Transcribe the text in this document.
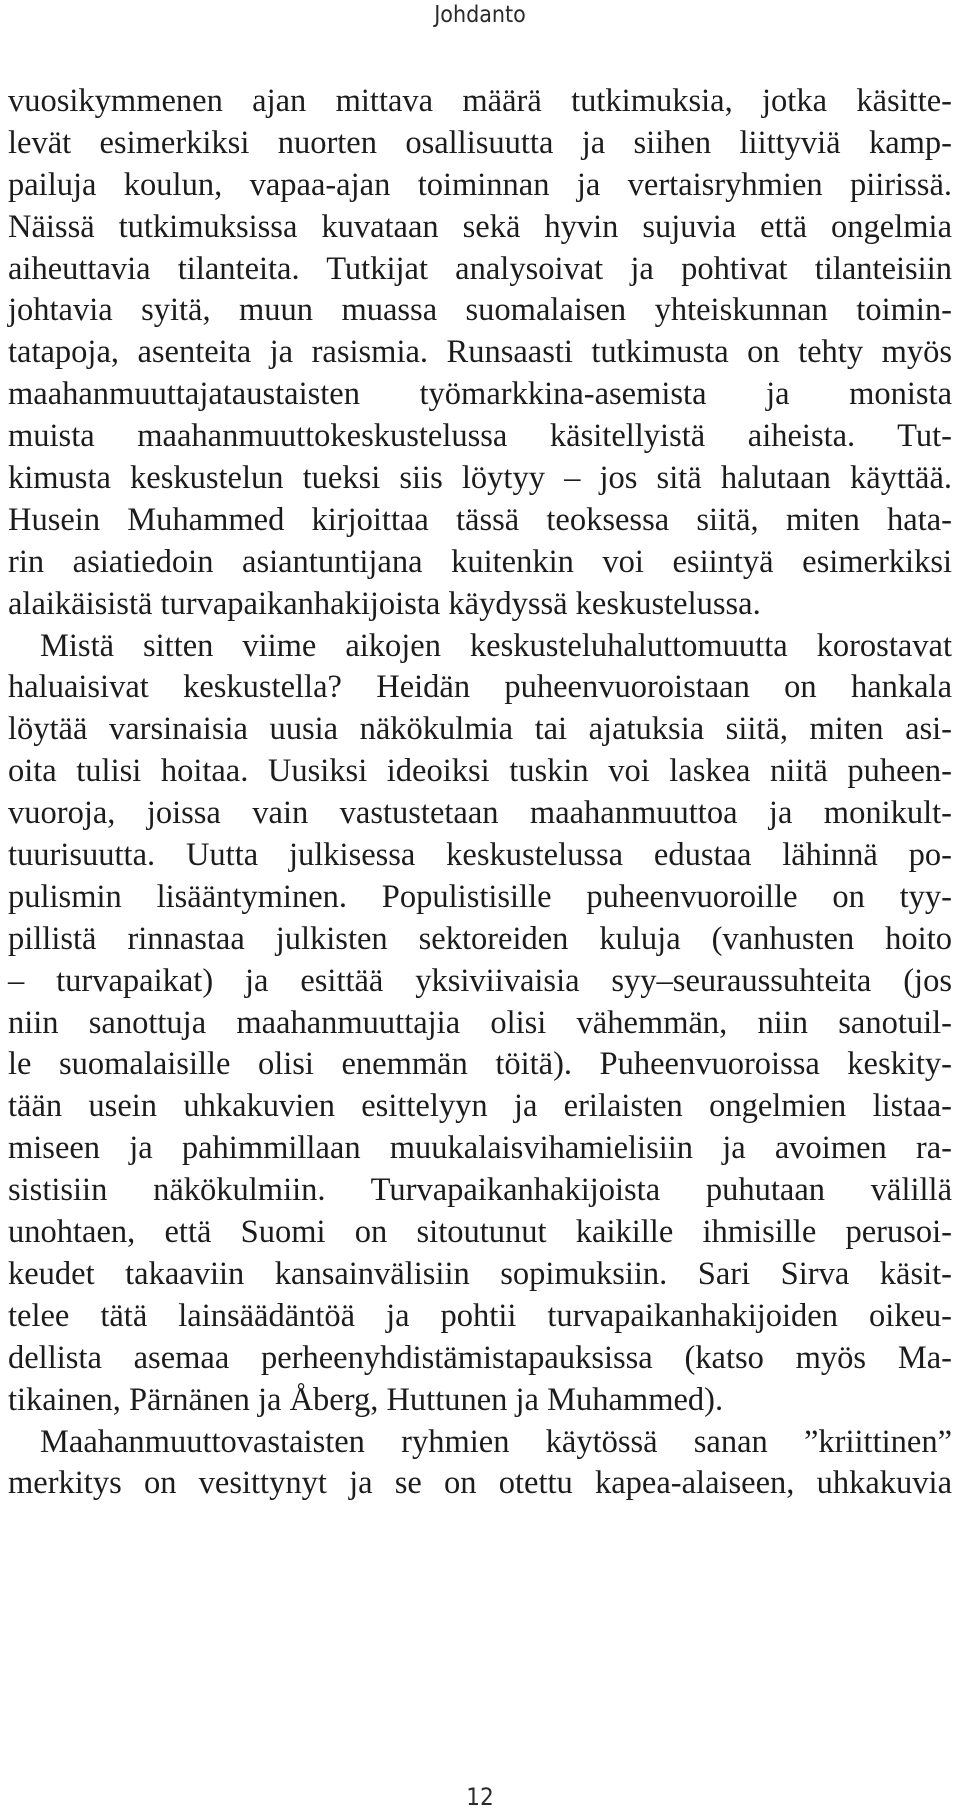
Johdanto
vuosikymmenen ajan mittava määrä tutkimuksia, jotka käsitte-
levät esimerkiksi nuorten osallisuutta ja siihen liittyviä kamp-
pailuja koulun, vapaa-ajan toiminnan ja vertaisryhmien piirissä.
Näissä tutkimuksissa kuvataan sekä hyvin sujuvia että ongelmia
aiheuttavia tilanteita. Tutkijat analysoivat ja pohtivat tilanteisiin
johtavia syitä, muun muassa suomalaisen yhteiskunnan toimin-
tatapoja, asenteita ja rasismia. Runsaasti tutkimusta on tehty myös
maahanmuuttajataustaisten työmarkkina-asemista ja monista
muista maahanmuuttokeskustelussa käsitellyistä aiheista. Tut-
kimusta keskustelun tueksi siis löytyy – jos sitä halutaan käyttää.
Husein Muhammed kirjoittaa tässä teoksessa siitä, miten hata-
rin asiatiedoin asiantuntijana kuitenkin voi esiintyä esimerkiksi
alaikäisistä turvapaikanhakijoista käydyssä keskustelussa.
Mistä sitten viime aikojen keskusteluhaluttomuutta korostavat
haluaisivat keskustella? Heidän puheenvuoroistaan on hankala
löytää varsinaisia uusia näkökulmia tai ajatuksia siitä, miten asi-
oita tulisi hoitaa. Uusiksi ideoiksi tuskin voi laskea niitä puheen-
vuoroja, joissa vain vastustetaan maahanmuuttoa ja monikult-
tuurisuutta. Uutta julkisessa keskustelussa edustaa lähinnä po-
pulismin lisääntyminen. Populistisille puheenvuoroille on tyy-
pillistä rinnastaa julkisten sektoreiden kuluja (vanhusten hoito
– turvapaikat) ja esittää yksiviivaisia syy–seuraussuhteita (jos
niin sanottuja maahanmuuttajia olisi vähemmän, niin sanotuil-
le suomalaisille olisi enemmän töitä). Puheenvuoroissa keskity-
tään usein uhkakuvien esittelyyn ja erilaisten ongelmien listaa-
miseen ja pahimmillaan muukalaisvihamielisiin ja avoimen ra-
sistisiin näkökulmiin. Turvapaikanhakijoista puhutaan välillä
unohtaen, että Suomi on sitoutunut kaikille ihmisille perusoi-
keudet takaaviin kansainvälisiin sopimuksiin. Sari Sirva käsit-
telee tätä lainsäädäntöä ja pohtii turvapaikanhakijoiden oikeu-
dellista asemaa perheenyhdistämistapauksissa (katso myös Ma-
tikainen, Pärnänen ja Åberg, Huttunen ja Muhammed).
Maahanmuuttovastaisten ryhmien käytössä sanan ”kriittinen”
merkitys on vesittynyt ja se on otettu kapea-alaiseen, uhkakuvia
12
